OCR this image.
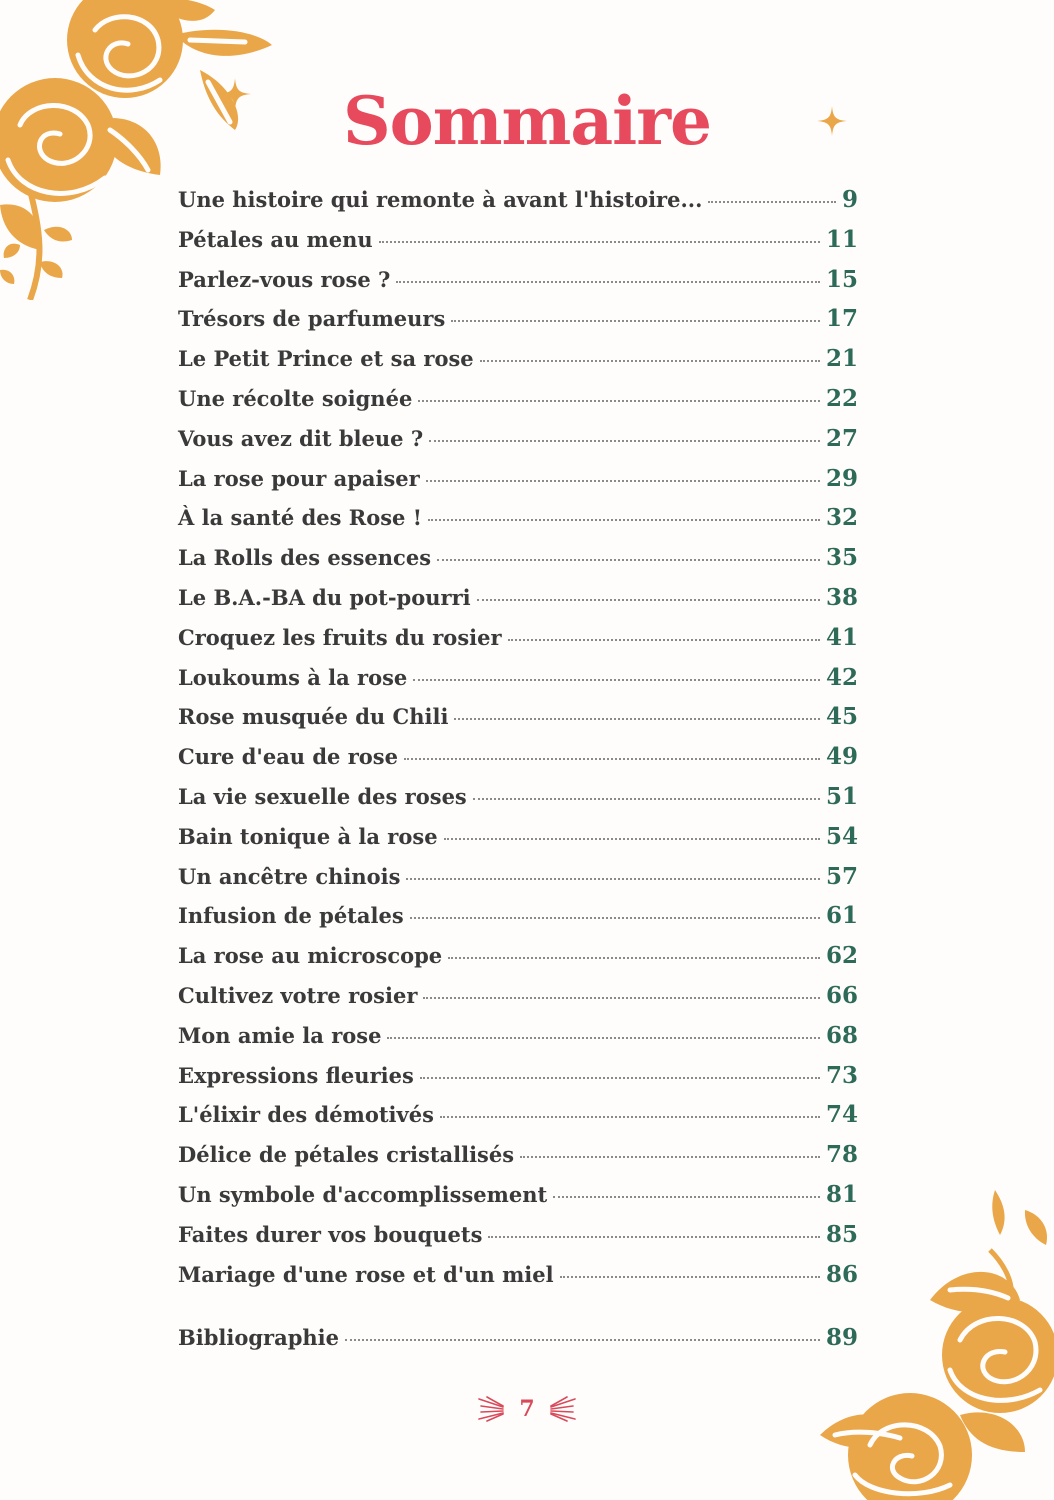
Sommaire
Une histoire qui remonte à avant l'histoire...	9
Pétales au menu	11
Parlez-vous rose ?	15
Trésors de parfumeurs	17
Le Petit Prince et sa rose	21
Une récolte soignée	22
Vous avez dit bleue ?	27
La rose pour apaiser	29
À la santé des Rose !	32
La Rolls des essences	35
Le B.A.-BA du pot-pourri	38
Croquez les fruits du rosier	41
Loukoums à la rose	42
Rose musquée du Chili	45
Cure d'eau de rose	49
La vie sexuelle des roses	51
Bain tonique à la rose	54
Un ancêtre chinois	57
Infusion de pétales	61
La rose au microscope	62
Cultivez votre rosier	66
Mon amie la rose	68
Expressions fleuries	73
L'élixir des démotivés	74
Délice de pétales cristallisés	78
Un symbole d'accomplissement	81
Faites durer vos bouquets	85
Mariage d'une rose et d'un miel	86
Bibliographie	89
7
